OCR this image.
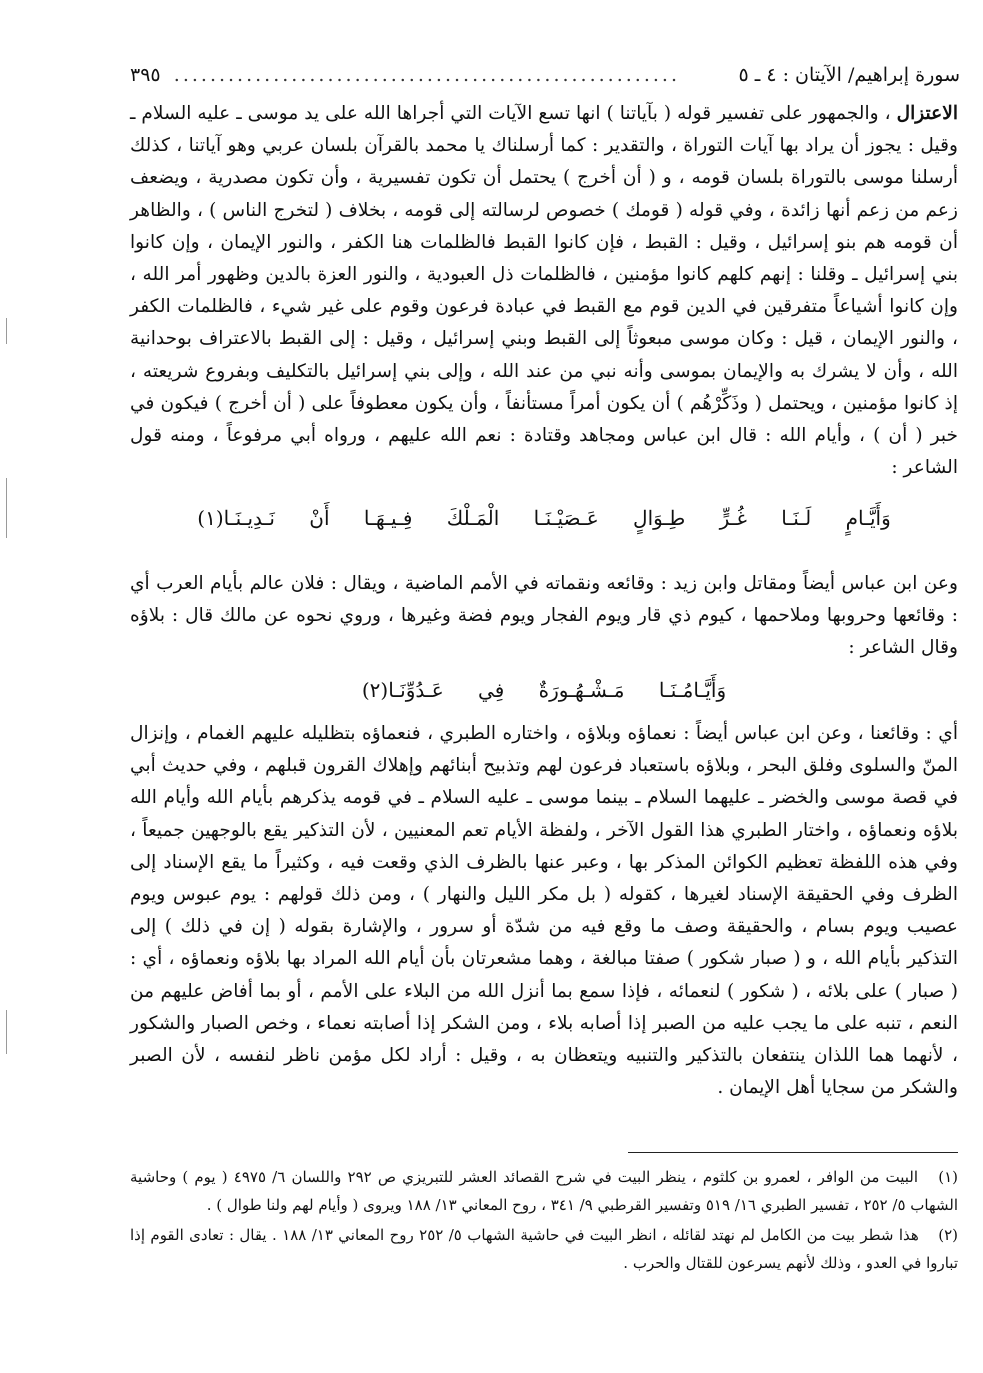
سورة إبراهيم/ الآيتان : ٤ ـ ٥
........................................................
٣٩٥
الاعتزال ، والجمهور على تفسير قوله ( بآياتنا ) انها تسع الآيات التي أجراها الله على يد موسى ـ عليه السلام ـ وقيل : يجوز أن يراد بها آيات التوراة ، والتقدير : كما أرسلناك يا محمد بالقرآن بلسان عربي وهو آياتنا ، كذلك أرسلنا موسى بالتوراة بلسان قومه ، و ( أن أخرج ) يحتمل أن تكون تفسيرية ، وأن تكون مصدرية ، ويضعف زعم من زعم أنها زائدة ، وفي قوله ( قومك ) خصوص لرسالته إلى قومه ، بخلاف ( لتخرج الناس ) ، والظاهر أن قومه هم بنو إسرائيل ، وقيل : القبط ، فإن كانوا القبط فالظلمات هنا الكفر ، والنور الإيمان ، وإن كانوا بني إسرائيل ـ وقلنا : إنهم كلهم كانوا مؤمنين ، فالظلمات ذل العبودية ، والنور العزة بالدين وظهور أمر الله ، وإن كانوا أشياعاً متفرقين في الدين قوم مع القبط في عبادة فرعون وقوم على غير شيء ، فالظلمات الكفر ، والنور الإيمان ، قيل : وكان موسى مبعوثاً إلى القبط وبني إسرائيل ، وقيل : إلى القبط بالاعتراف بوحدانية الله ، وأن لا يشرك به والإيمان بموسى وأنه نبي من عند الله ، وإلى بني إسرائيل بالتكليف وبفروع شريعته ، إذ كانوا مؤمنين ، ويحتمل ( وذَكِّرْهُم ) أن يكون أمراً مستأنفاً ، وأن يكون معطوفاً على ( أن أخرج ) فيكون في خبر ( أن ) ، وأيام الله : قال ابن عباس ومجاهد وقتادة : نعم الله عليهم ، ورواه أبي مرفوعاً ، ومنه قول الشاعر :
وَأَيَّـامٍ لَـنَـا غُـرٍّ طِـوَالٍ عَـصَيْـنَـا الْمَـلْكَ فِـيـهَـا أَنْ نَـدِيـنَـا(١)
وعن ابن عباس أيضاً ومقاتل وابن زيد : وقائعه ونقماته في الأمم الماضية ، ويقال : فلان عالم بأيام العرب أي : وقائعها وحروبها وملاحمها ، كيوم ذي قار ويوم الفجار ويوم فضة وغيرها ، وروي نحوه عن مالك قال : بلاؤه وقال الشاعر :
وَأَيَّـامُـنَـا مَـشْـهُـورَةٌ فِي عَـدُوِّنَـا(٢)
أي : وقائعنا ، وعن ابن عباس أيضاً : نعماؤه وبلاؤه ، واختاره الطبري ، فنعماؤه بتظليله عليهم الغمام ، وإنزال المنّ والسلوى وفلق البحر ، وبلاؤه باستعباد فرعون لهم وتذبيح أبنائهم وإهلاك القرون قبلهم ، وفي حديث أبي في قصة موسى والخضر ـ عليهما السلام ـ بينما موسى ـ عليه السلام ـ في قومه يذكرهم بأيام الله وأيام الله بلاؤه ونعماؤه ، واختار الطبري هذا القول الآخر ، ولفظة الأيام تعم المعنيين ، لأن التذكير يقع بالوجهين جميعاً ، وفي هذه اللفظة تعظيم الكوائن المذكر بها ، وعبر عنها بالظرف الذي وقعت فيه ، وكثيراً ما يقع الإسناد إلى الظرف وفي الحقيقة الإسناد لغيرها ، كقوله ( بل مكر الليل والنهار ) ، ومن ذلك قولهم : يوم عبوس ويوم عصيب ويوم بسام ، والحقيقة وصف ما وقع فيه من شدّة أو سرور ، والإشارة بقوله ( إن في ذلك ) إلى التذكير بأيام الله ، و ( صبار شكور ) صفتا مبالغة ، وهما مشعرتان بأن أيام الله المراد بها بلاؤه ونعماؤه ، أي : ( صبار ) على بلائه ، ( شكور ) لنعمائه ، فإذا سمع بما أنزل الله من البلاء على الأمم ، أو بما أفاض عليهم من النعم ، تنبه على ما يجب عليه من الصبر إذا أصابه بلاء ، ومن الشكر إذا أصابته نعماء ، وخص الصبار والشكور ، لأنهما هما اللذان ينتفعان بالتذكير والتنبيه ويتعظان به ، وقيل : أراد لكل مؤمن ناظر لنفسه ، لأن الصبر والشكر من سجايا أهل الإيمان .

(١) البيت من الوافر ، لعمرو بن كلثوم ، ينظر البيت في شرح القصائد العشر للتبريزي ص ٢٩٢ واللسان ٦/ ٤٩٧٥ ( يوم ) وحاشية الشهاب ٥/ ٢٥٢ ، تفسير الطبري ١٦/ ٥١٩ وتفسير القرطبي ٩/ ٣٤١ ، روح المعاني ١٣/ ١٨٨ ويروى ( وأيام لهم ولنا طوال ) .

(٢) هذا شطر بيت من الكامل لم نهتد لقائله ، انظر البيت في حاشية الشهاب ٥/ ٢٥٢ روح المعاني ١٣/ ١٨٨ . يقال : تعادى القوم إذا تباروا في العدو ، وذلك لأنهم يسرعون للقتال والحرب .
